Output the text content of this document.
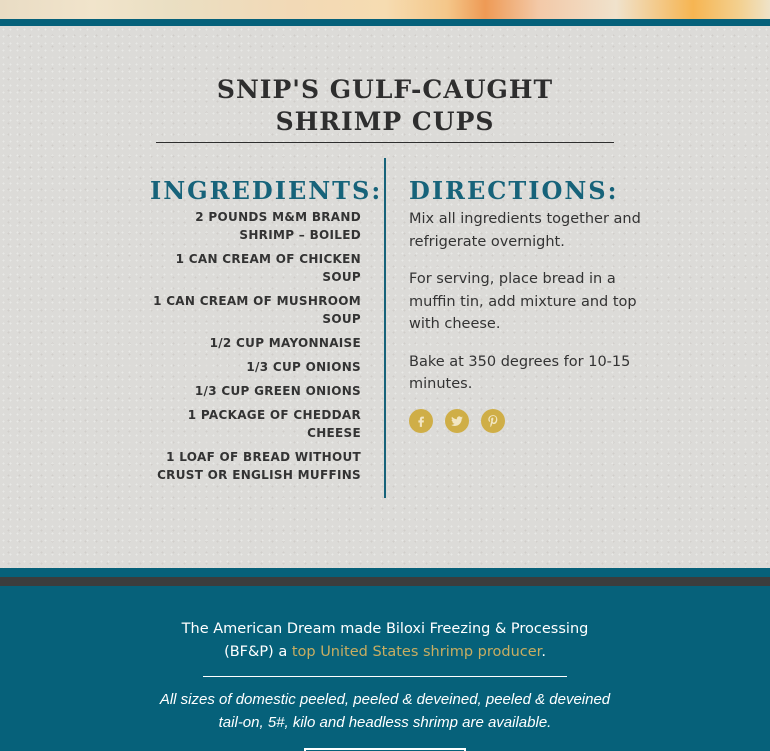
SNIP'S GULF-CAUGHT SHRIMP CUPS
INGREDIENTS:
2 POUNDS M&M BRAND SHRIMP – BOILED
1 CAN CREAM OF CHICKEN SOUP
1 CAN CREAM OF MUSHROOM SOUP
1/2 CUP MAYONNAISE
1/3 CUP ONIONS
1/3 CUP GREEN ONIONS
1 PACKAGE OF CHEDDAR CHEESE
1 LOAF OF BREAD WITHOUT CRUST OR ENGLISH MUFFINS
DIRECTIONS:

Mix all ingredients together and refrigerate overnight.

For serving, place bread in a muffin tin, add mixture and top with cheese.

Bake at 350 degrees for 10-15 minutes.

The American Dream made Biloxi Freezing & Processing (BF&P) a top United States shrimp producer.

All sizes of domestic peeled, peeled & deveined, peeled & deveined tail-on, 5#, kilo and headless shrimp are available.
